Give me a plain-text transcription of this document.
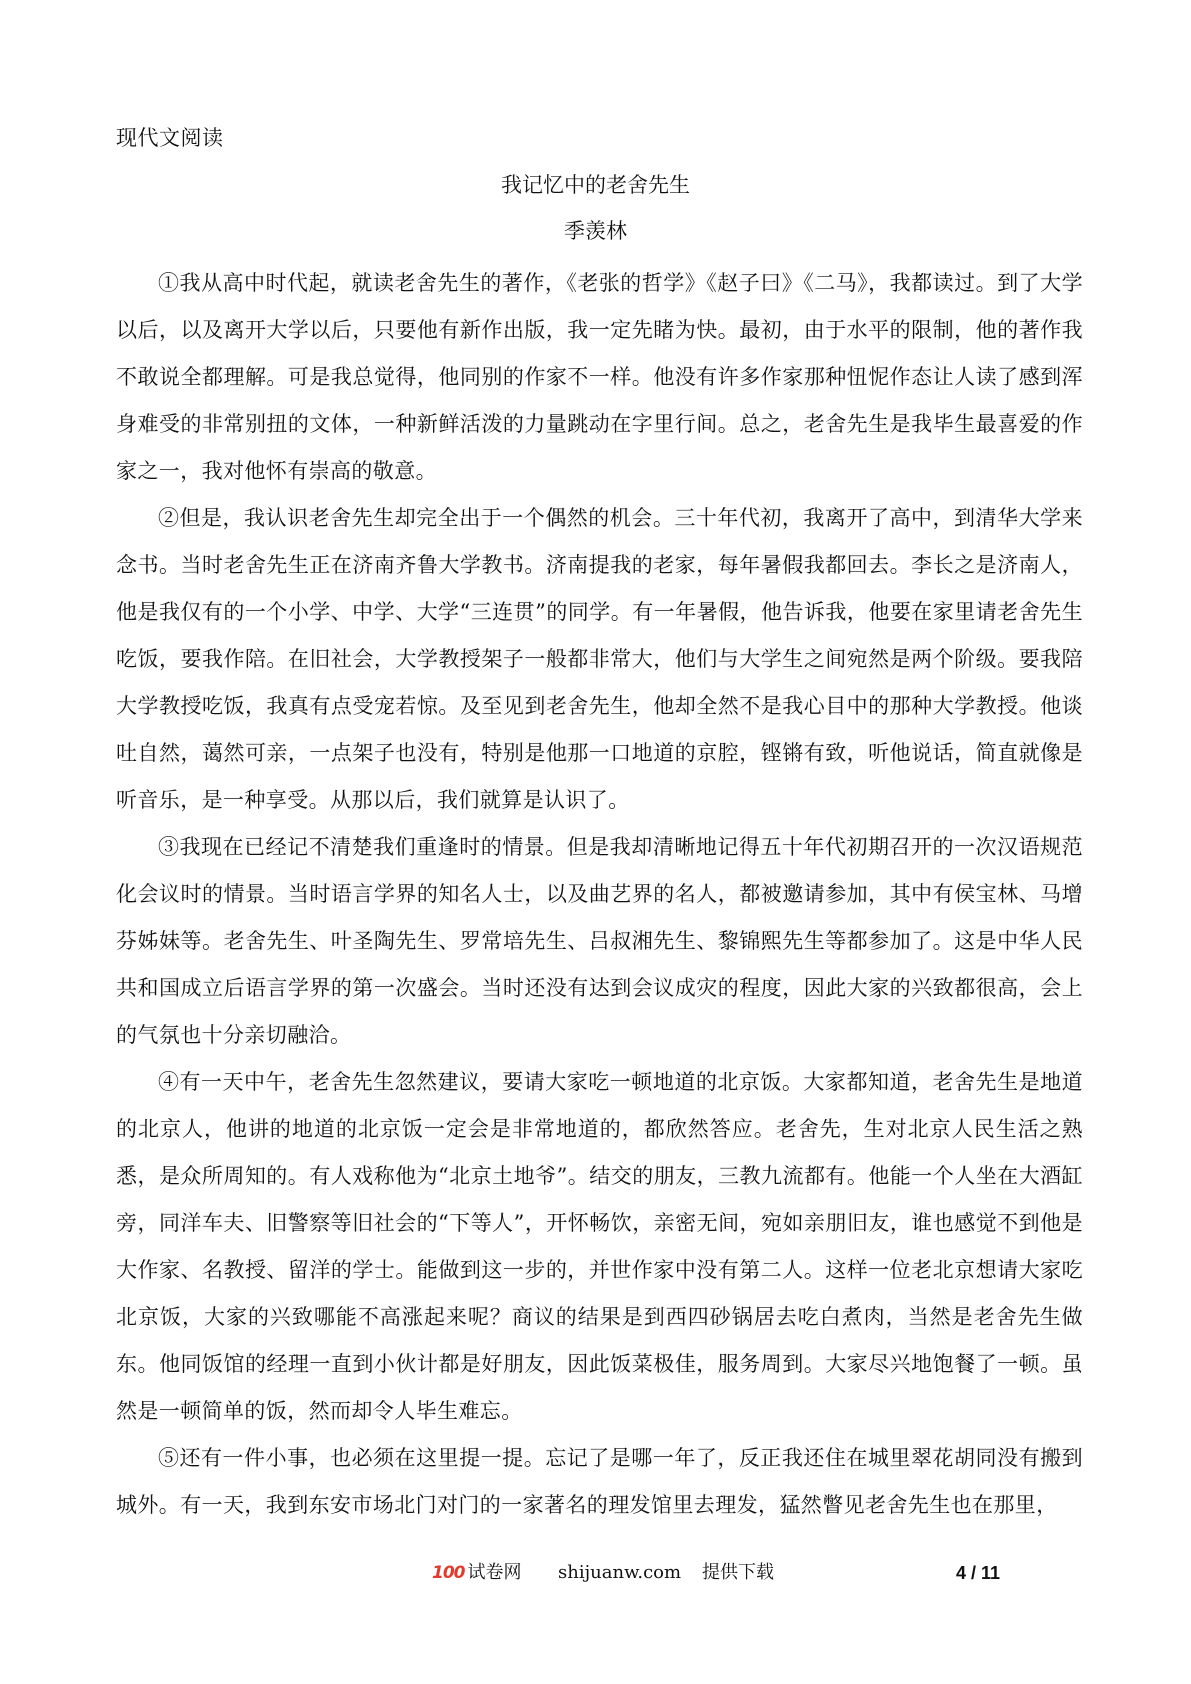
现代文阅读
我记忆中的老舍先生
季羡林

①我从高中时代起，就读老舍先生的著作，《老张的哲学》《赵子曰》《二马》，我都读过。到了大学以后，以及离开大学以后，只要他有新作出版，我一定先睹为快。最初，由于水平的限制，他的著作我不敢说全都理解。可是我总觉得，他同别的作家不一样。他没有许多作家那种忸怩作态让人读了感到浑身难受的非常别扭的文体，一种新鲜活泼的力量跳动在字里行间。总之，老舍先生是我毕生最喜爱的作家之一，我对他怀有崇高的敬意。

②但是，我认识老舍先生却完全出于一个偶然的机会。三十年代初，我离开了高中，到清华大学来念书。当时老舍先生正在济南齐鲁大学教书。济南提我的老家，每年暑假我都回去。李长之是济南人，他是我仅有的一个小学、中学、大学“三连贯”的同学。有一年暑假，他告诉我，他要在家里请老舍先生吃饭，要我作陪。在旧社会，大学教授架子一般都非常大，他们与大学生之间宛然是两个阶级。要我陪大学教授吃饭，我真有点受宠若惊。及至见到老舍先生，他却全然不是我心目中的那种大学教授。他谈吐自然，蔼然可亲，一点架子也没有，特别是他那一口地道的京腔，铿锵有致，听他说话，简直就像是听音乐，是一种享受。从那以后，我们就算是认识了。

③我现在已经记不清楚我们重逢时的情景。但是我却清晰地记得五十年代初期召开的一次汉语规范化会议时的情景。当时语言学界的知名人士，以及曲艺界的名人，都被邀请参加，其中有侯宝林、马增芬姊妹等。老舍先生、叶圣陶先生、罗常培先生、吕叔湘先生、黎锦熙先生等都参加了。这是中华人民共和国成立后语言学界的第一次盛会。当时还没有达到会议成灾的程度，因此大家的兴致都很高，会上的气氛也十分亲切融洽。

④有一天中午，老舍先生忽然建议，要请大家吃一顿地道的北京饭。大家都知道，老舍先生是地道的北京人，他讲的地道的北京饭一定会是非常地道的，都欣然答应。老舍先，生对北京人民生活之熟悉，是众所周知的。有人戏称他为“北京土地爷”。结交的朋友，三教九流都有。他能一个人坐在大酒缸旁，同洋车夫、旧警察等旧社会的“下等人”，开怀畅饮，亲密无间，宛如亲朋旧友，谁也感觉不到他是大作家、名教授、留洋的学士。能做到这一步的，并世作家中没有第二人。这样一位老北京想请大家吃北京饭，大家的兴致哪能不高涨起来呢？商议的结果是到西四砂锅居去吃白煮肉，当然是老舍先生做东。他同饭馆的经理一直到小伙计都是好朋友，因此饭菜极佳，服务周到。大家尽兴地饱餐了一顿。虽然是一顿简单的饭，然而却令人毕生难忘。

⑤还有一件小事，也必须在这里提一提。忘记了是哪一年了，反正我还住在城里翠花胡同没有搬到城外。有一天，我到东安市场北门对门的一家著名的理发馆里去理发，猛然瞥见老舍先生也在那里，

100 试卷网 shijuanw.com 提供下载	4 / 11
